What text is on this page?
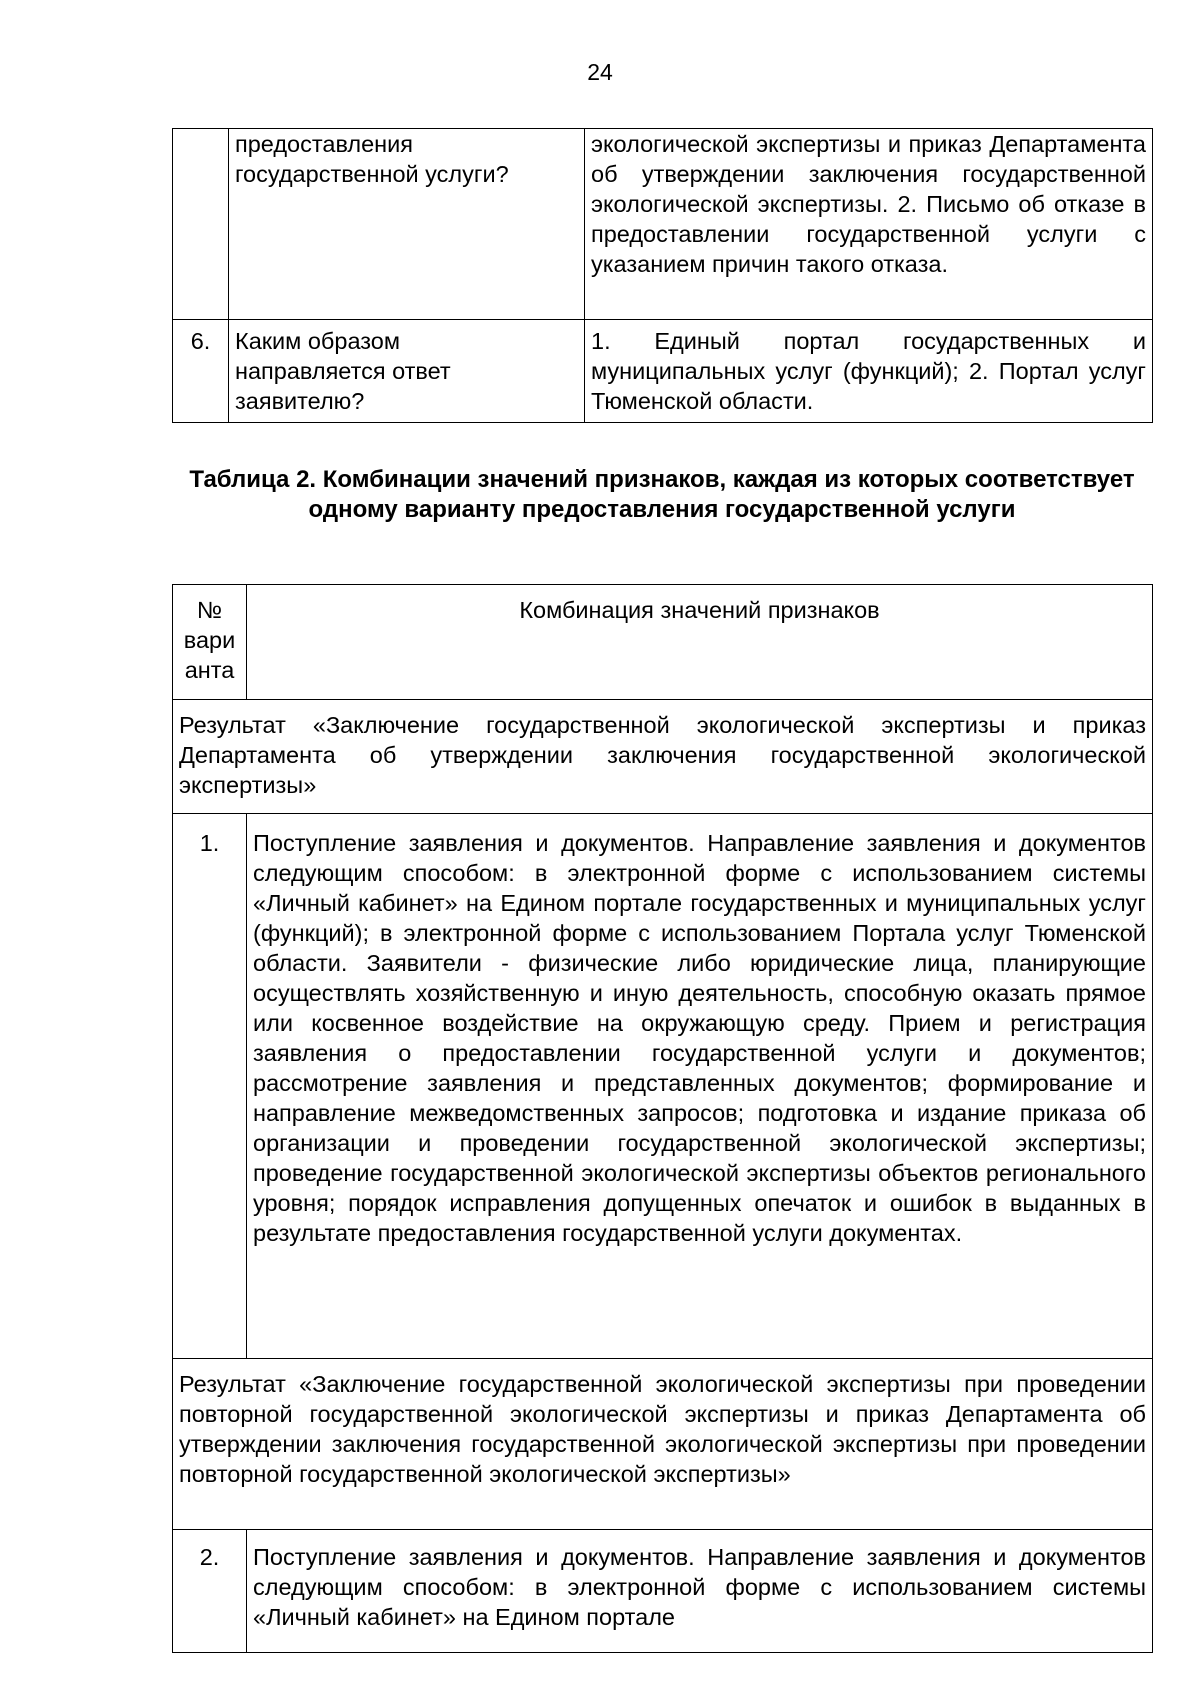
24

	предоставления
государственной услуги?	экологической экспертизы и приказ Департамента об утверждении заключения государственной экологической экспертизы. 2. Письмо об отказе в предоставлении государственной услуги с указанием причин такого отказа.
6.	Каким образом
направляется ответ
заявителю?	1. Единый портал государственных и муниципальных услуг (функций); 2. Портал услуг Тюменской области.
Таблица 2. Комбинации значений признаков, каждая из которых соответствует одному варианту предоставления государственной услуги
№
вари
анта	Комбинация значений признаков
Результат «Заключение государственной экологической экспертизы и приказ Департамента об утверждении заключения государственной экологической экспертизы»	
1.	Поступление заявления и документов. Направление заявления и документов следующим способом: в электронной форме с использованием системы «Личный кабинет» на Едином портале государственных и муниципальных услуг (функций); в электронной форме с использованием Портала услуг Тюменской области. Заявители - физические либо юридические лица, планирующие осуществлять хозяйственную и иную деятельность, способную оказать прямое или косвенное воздействие на окружающую среду. Прием и регистрация заявления о предоставлении государственной услуги и документов; рассмотрение заявления и представленных документов; формирование и направление межведомственных запросов; подготовка и издание приказа об организации и проведении государственной экологической экспертизы; проведение государственной экологической экспертизы объектов регионального уровня; порядок исправления допущенных опечаток и ошибок в выданных в результате предоставления государственной услуги документах.
Результат «Заключение государственной экологической экспертизы при проведении повторной государственной экологической экспертизы и приказ Департамента об утверждении заключения государственной экологической экспертизы при проведении повторной государственной экологической экспертизы»	
2.	Поступление заявления и документов. Направление заявления и документов следующим способом: в электронной форме с использованием системы «Личный кабинет» на Едином портале
